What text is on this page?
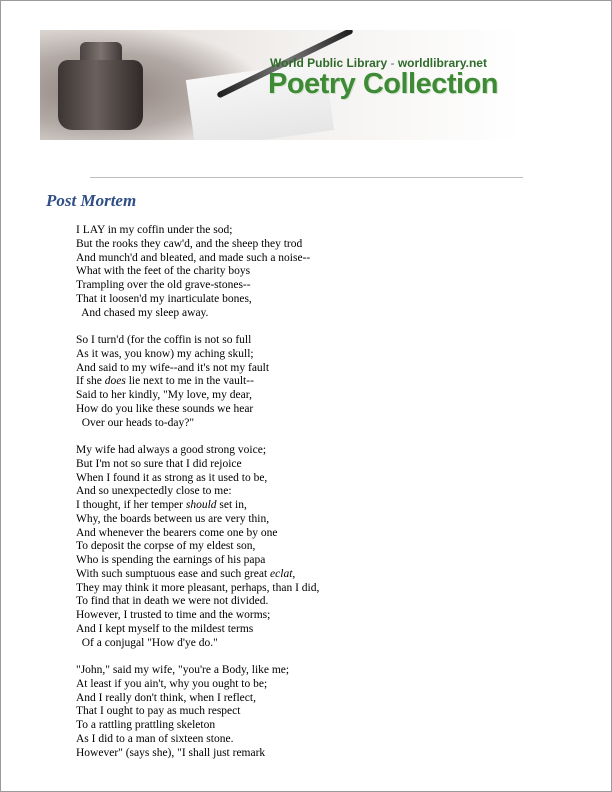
World Public Library - worldlibrary.net
Poetry Collection
Post Mortem
I LAY in my coffin under the sod;
But the rooks they caw'd, and the sheep they trod
And munch'd and bleated, and made such a noise--
What with the feet of the charity boys
Trampling over the old grave-stones--
That it loosen'd my inarticulate bones,
And chased my sleep away.
So I turn'd (for the coffin is not so full
As it was, you know) my aching skull;
And said to my wife--and it's not my fault
If she does lie next to me in the vault--
Said to her kindly, "My love, my dear,
How do you like these sounds we hear
Over our heads to-day?"
My wife had always a good strong voice;
But I'm not so sure that I did rejoice
When I found it as strong as it used to be,
And so unexpectedly close to me:
I thought, if her temper should set in,
Why, the boards between us are very thin,
And whenever the bearers come one by one
To deposit the corpse of my eldest son,
Who is spending the earnings of his papa
With such sumptuous ease and such great eclat,
They may think it more pleasant, perhaps, than I did,
To find that in death we were not divided.
However, I trusted to time and the worms;
And I kept myself to the mildest terms
Of a conjugal "How d'ye do."
"John," said my wife, "you're a Body, like me;
At least if you ain't, why you ought to be;
And I really don't think, when I reflect,
That I ought to pay as much respect
To a rattling prattling skeleton
As I did to a man of sixteen stone.
However" (says she), "I shall just remark
